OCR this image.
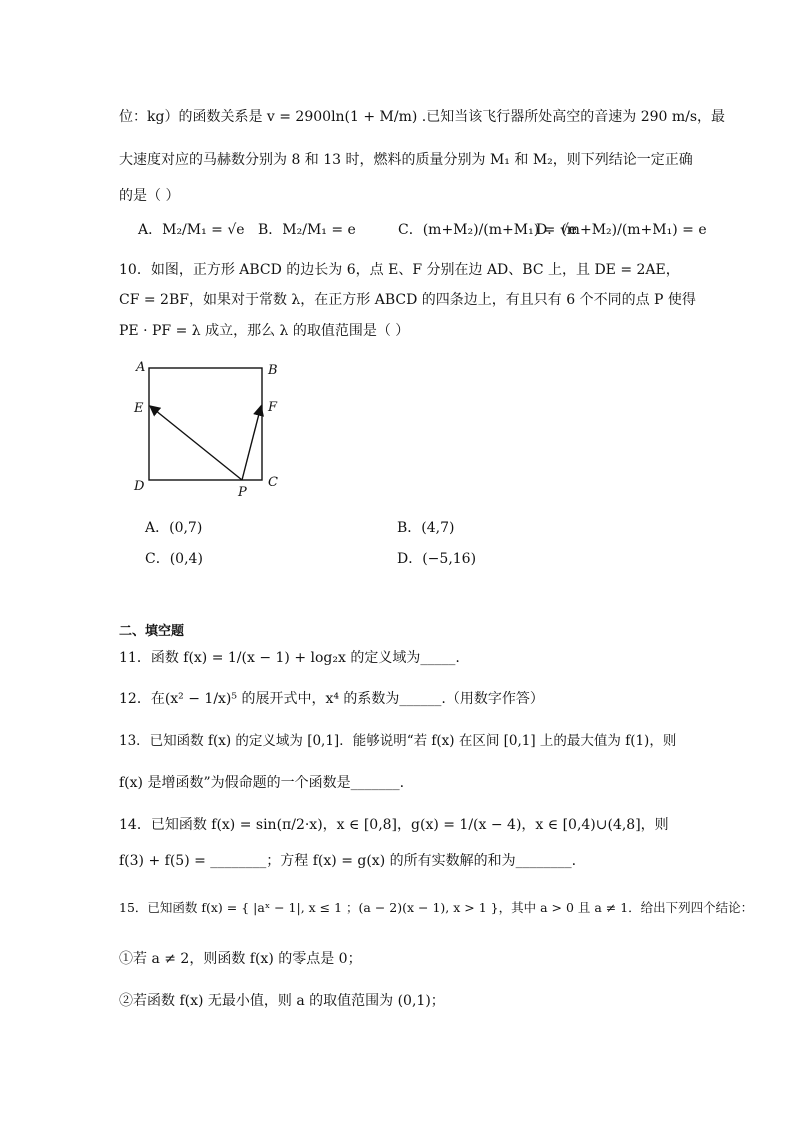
位：kg）的函数关系是 v = 2900ln(1 + M/m) .已知当该飞行器所处高空的音速为 290 m/s，最
大速度对应的马赫数分别为 8 和 13 时，燃料的质量分别为 M₁ 和 M₂，则下列结论一定正确
的是（ ）
A．M₂/M₁ = √e B．M₂/M₁ = e	C．(m+M₂)/(m+M₁) = √e
D．(m+M₂)/(m+M₁) = e
10．如图，正方形 ABCD 的边长为 6，点 E、F 分别在边 AD、BC 上，且 DE = 2AE，
CF = 2BF，如果对于常数 λ，在正方形 ABCD 的四条边上，有且只有 6 个不同的点 P 使得
PE · PF = λ 成立，那么 λ 的取值范围是（ ）
A	B
C
D
E	F
P
A．(0,7)	B．(4,7)
C．(0,4)	D．(−5,16)
二、填空题
11．函数 f(x) = 1/(x − 1) + log₂x 的定义域为_____.
12．在(x² − 1/x)⁵ 的展开式中，x⁴ 的系数为______.（用数字作答）
13．已知函数 f(x) 的定义域为 [0,1]．能够说明“若 f(x) 在区间 [0,1] 上的最大值为 f(1)，则
f(x) 是增函数”为假命题的一个函数是_______.
14．已知函数 f(x) = sin(π/2·x)，x ∈ [0,8]，g(x) = 1/(x − 4)，x ∈ [0,4)∪(4,8]，则
f(3) + f(5) = ________；方程 f(x) = g(x) 的所有实数解的和为________.
15．已知函数 f(x) = { |aˣ − 1|, x ≤ 1 ；(a − 2)(x − 1), x > 1 }，其中 a > 0 且 a ≠ 1．给出下列四个结论：
①若 a ≠ 2，则函数 f(x) 的零点是 0；
②若函数 f(x) 无最小值，则 a 的取值范围为 (0,1)；
